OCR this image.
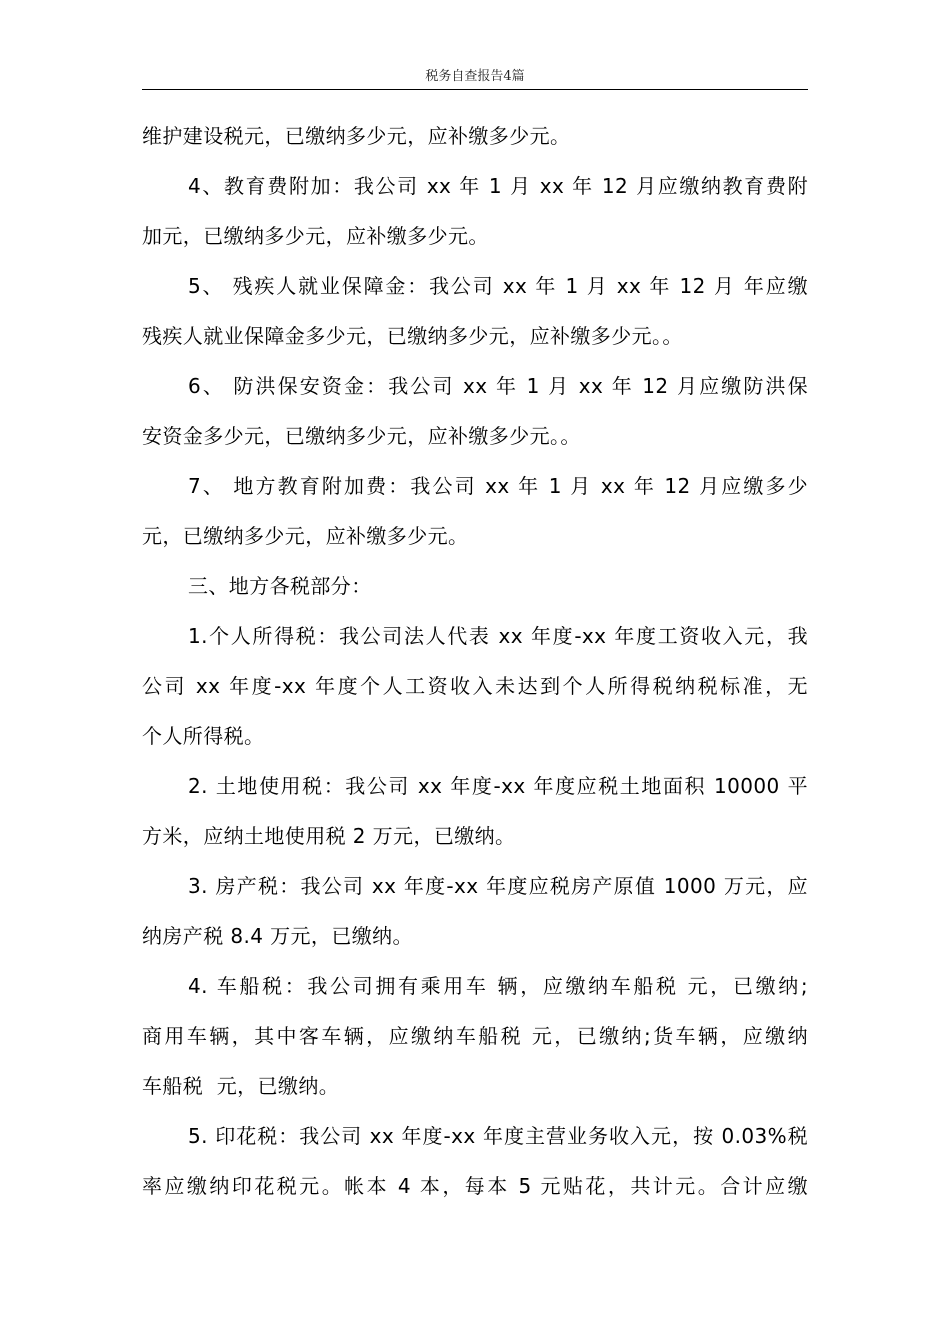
税务自查报告4篇
维护建设税元，已缴纳多少元，应补缴多少元。
4、教育费附加：我公司 xx 年 1 月 xx 年 12 月应缴纳教育费附
加元，已缴纳多少元，应补缴多少元。
5、 残疾人就业保障金：我公司 xx 年 1 月 xx 年 12 月 年应缴
残疾人就业保障金多少元，已缴纳多少元，应补缴多少元。。
6、 防洪保安资金：我公司 xx 年 1 月 xx 年 12 月应缴防洪保
安资金多少元，已缴纳多少元，应补缴多少元。。
7、 地方教育附加费：我公司 xx 年 1 月 xx 年 12 月应缴多少
元，已缴纳多少元，应补缴多少元。
三、地方各税部分：
1.个人所得税：我公司法人代表 xx 年度-xx 年度工资收入元，我
公司 xx 年度-xx 年度个人工资收入未达到个人所得税纳税标准，无
个人所得税。
2. 土地使用税：我公司 xx 年度-xx 年度应税土地面积 10000 平
方米，应纳土地使用税 2 万元，已缴纳。
3. 房产税：我公司 xx 年度-xx 年度应税房产原值 1000 万元，应
纳房产税 8.4 万元，已缴纳。
4. 车船税：我公司拥有乘用车 辆，应缴纳车船税 元，已缴纳;
商用车辆，其中客车辆，应缴纳车船税 元，已缴纳;货车辆，应缴纳
车船税  元，已缴纳。
5. 印花税：我公司 xx 年度-xx 年度主营业务收入元，按 0.03%税
率应缴纳印花税元。帐本 4 本，每本 5 元贴花，共计元。合计应缴
